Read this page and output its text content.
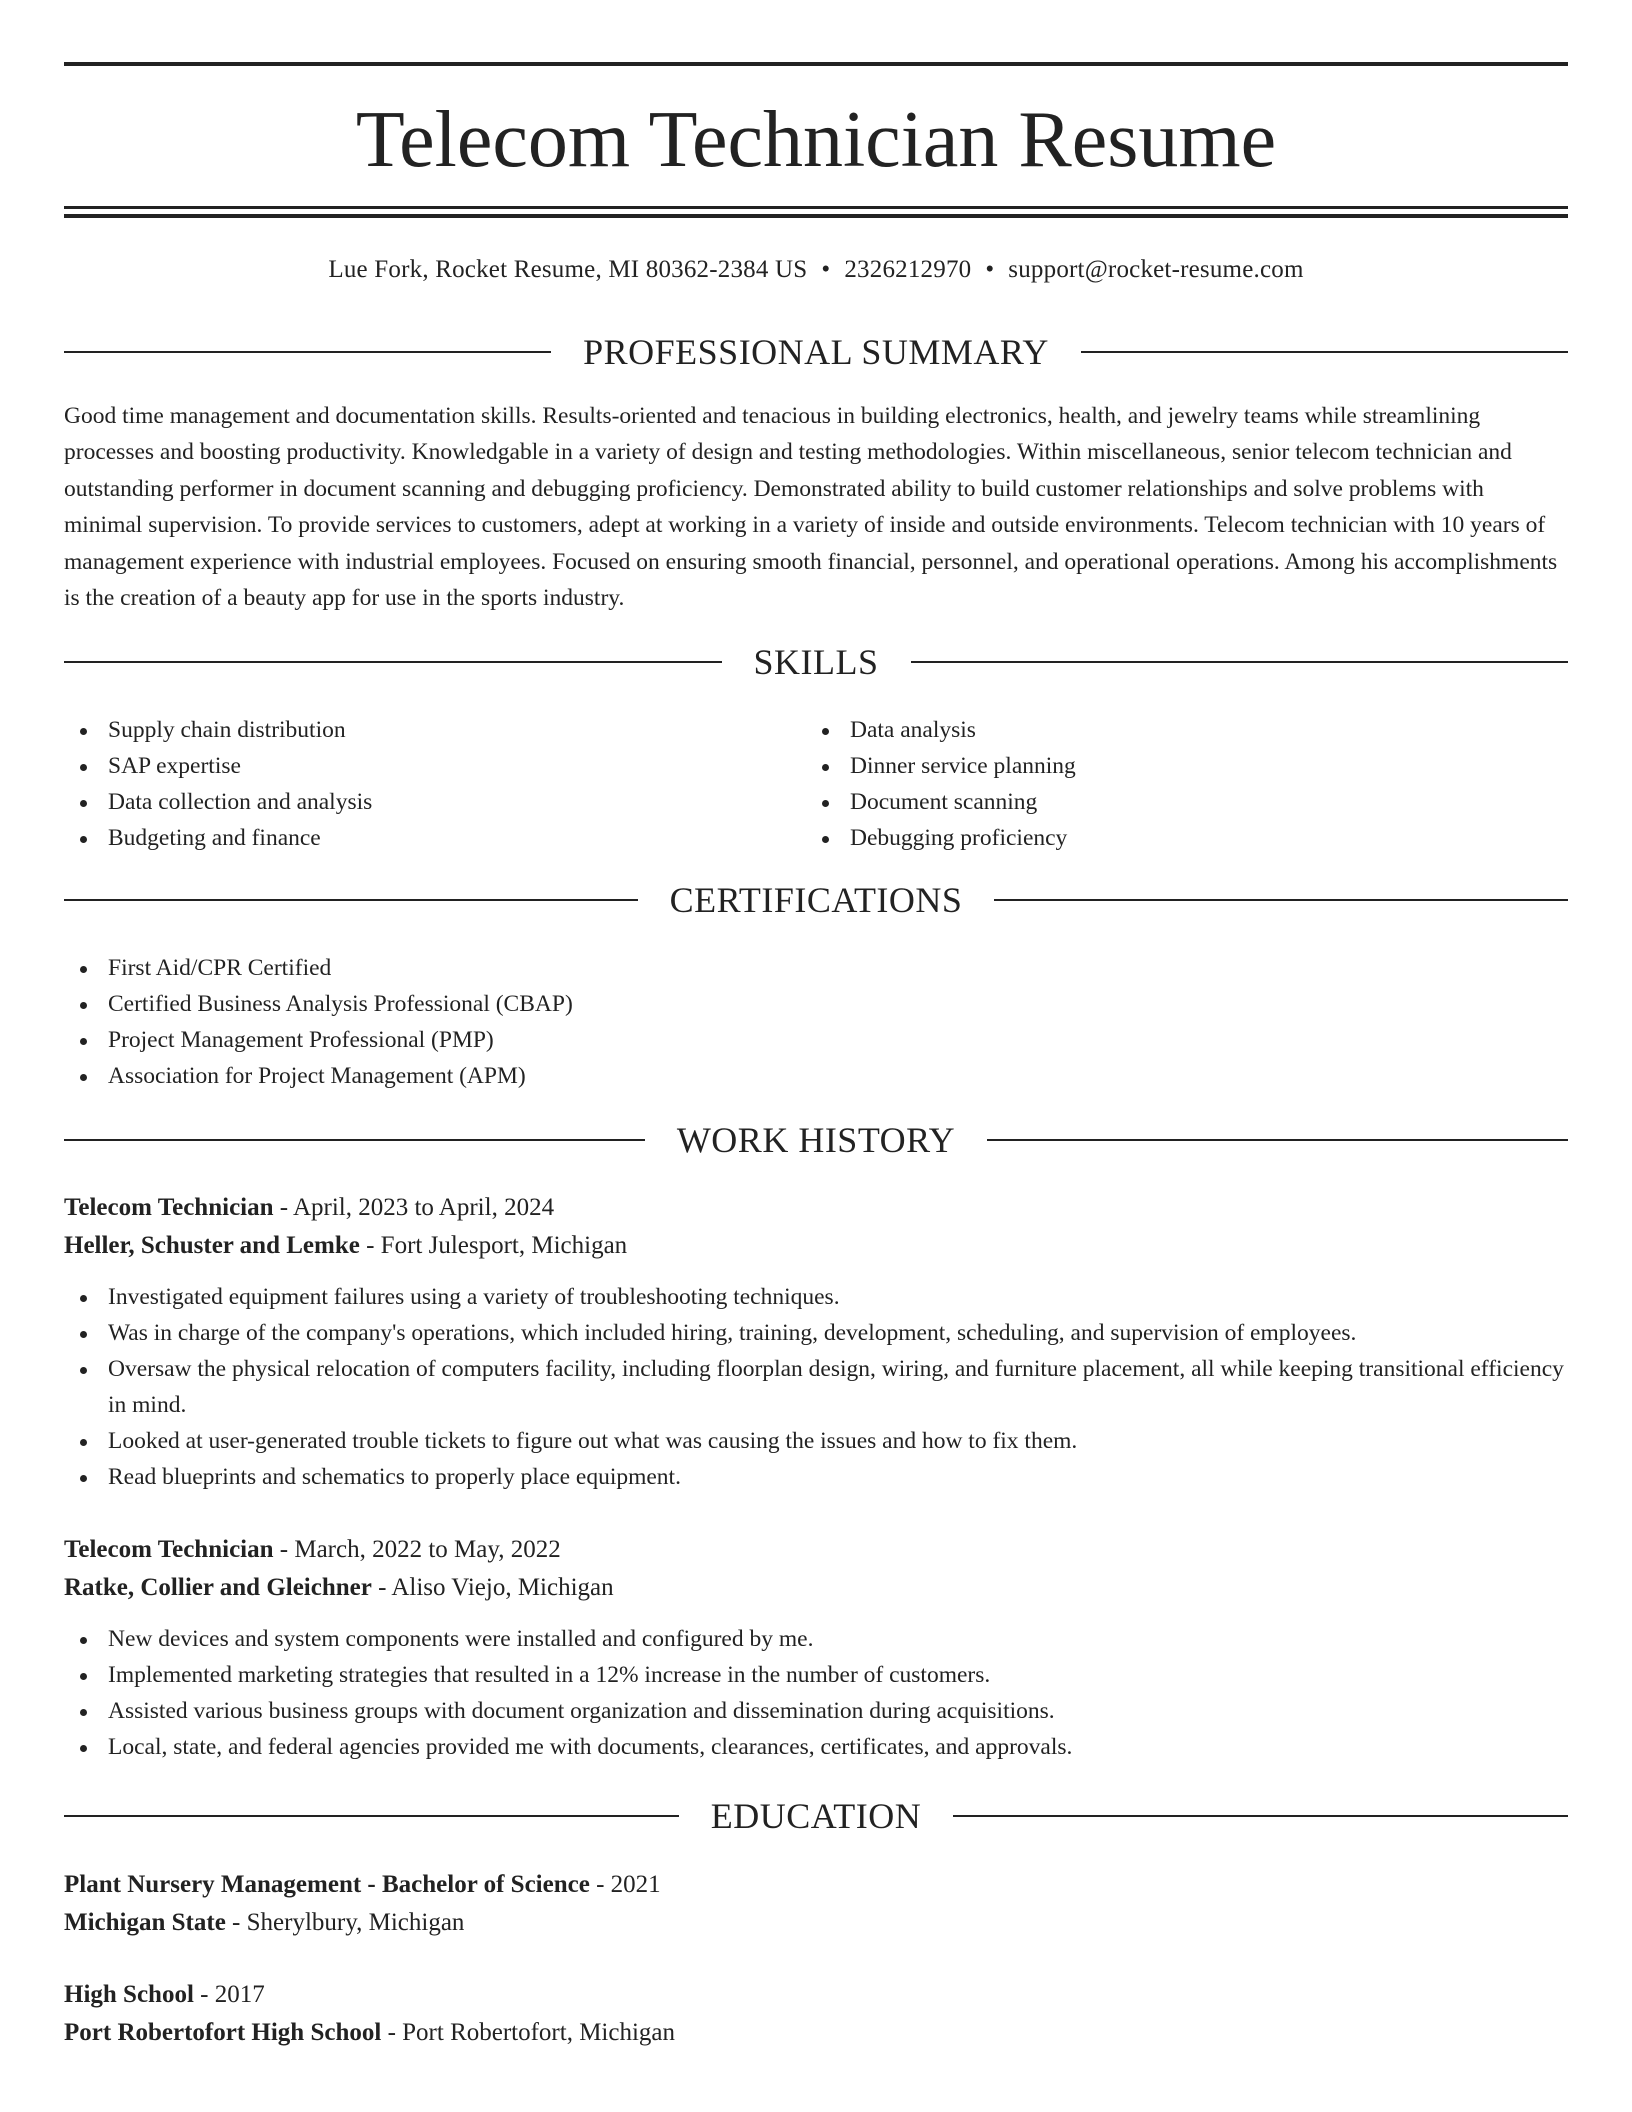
Telecom Technician Resume
Lue Fork, Rocket Resume, MI 80362-2384 US • 2326212970 • support@rocket-resume.com
PROFESSIONAL SUMMARY

Good time management and documentation skills. Results-oriented and tenacious in building electronics, health, and jewelry teams while streamlining processes and boosting productivity. Knowledgable in a variety of design and testing methodologies. Within miscellaneous, senior telecom technician and outstanding performer in document scanning and debugging proficiency. Demonstrated ability to build customer relationships and solve problems with minimal supervision. To provide services to customers, adept at working in a variety of inside and outside environments. Telecom technician with 10 years of management experience with industrial employees. Focused on ensuring smooth financial, personnel, and operational operations. Among his accomplishments is the creation of a beauty app for use in the sports industry.

SKILLS
Supply chain distribution
SAP expertise
Data collection and analysis
Budgeting and finance
Data analysis
Dinner service planning
Document scanning
Debugging proficiency
CERTIFICATIONS
First Aid/CPR Certified
Certified Business Analysis Professional (CBAP)
Project Management Professional (PMP)
Association for Project Management (APM)
WORK HISTORY
Telecom Technician - April, 2023 to April, 2024
Heller, Schuster and Lemke - Fort Julesport, Michigan
Investigated equipment failures using a variety of troubleshooting techniques.
Was in charge of the company's operations, which included hiring, training, development, scheduling, and supervision of employees.
Oversaw the physical relocation of computers facility, including floorplan design, wiring, and furniture placement, all while keeping transitional efficiency in mind.
Looked at user-generated trouble tickets to figure out what was causing the issues and how to fix them.
Read blueprints and schematics to properly place equipment.
Telecom Technician - March, 2022 to May, 2022
Ratke, Collier and Gleichner - Aliso Viejo, Michigan
New devices and system components were installed and configured by me.
Implemented marketing strategies that resulted in a 12% increase in the number of customers.
Assisted various business groups with document organization and dissemination during acquisitions.
Local, state, and federal agencies provided me with documents, clearances, certificates, and approvals.
EDUCATION
Plant Nursery Management - Bachelor of Science - 2021
Michigan State - Sherylbury, Michigan
High School - 2017
Port Robertofort High School - Port Robertofort, Michigan
